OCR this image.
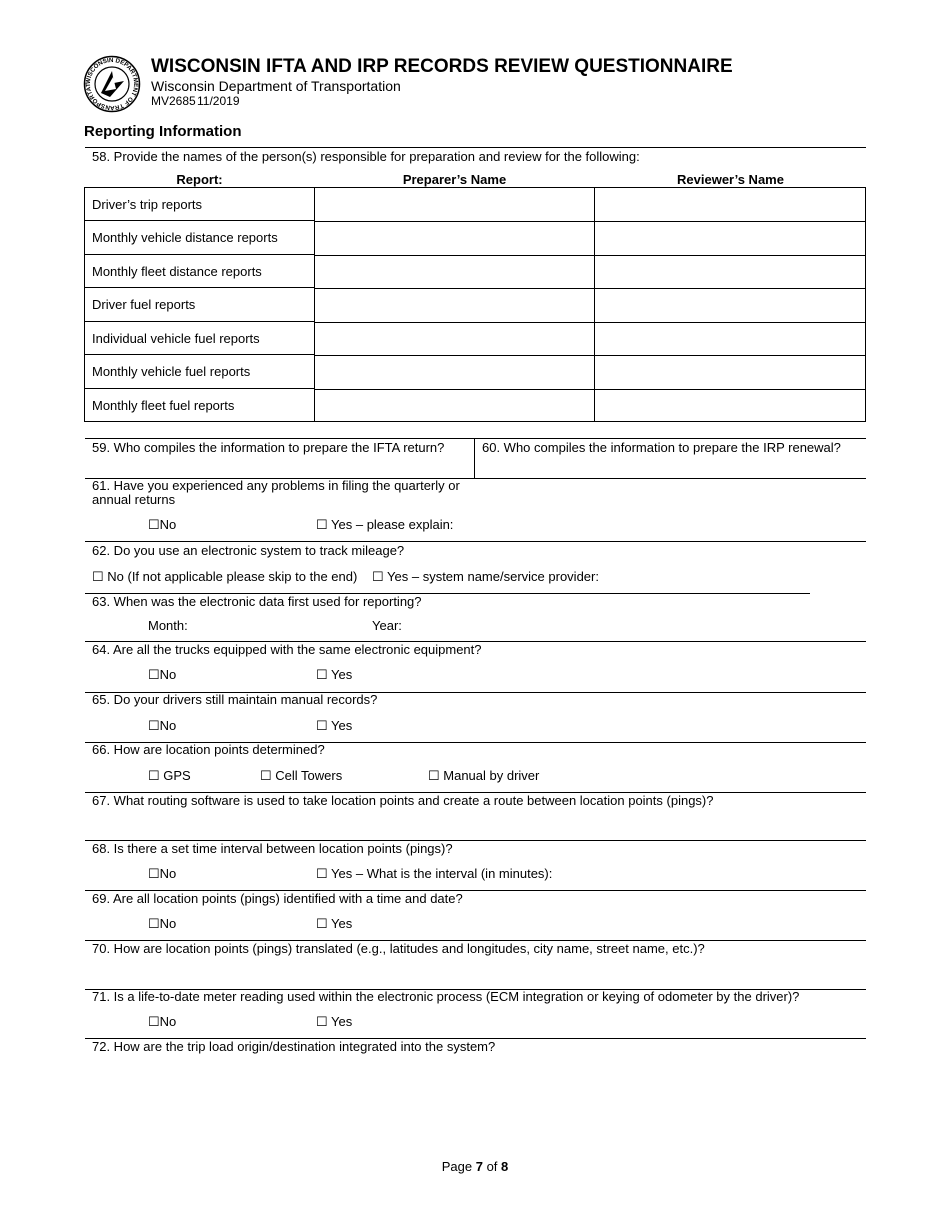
WISCONSIN DEPARTMENT OF TRANSPORTAT
WISCONSIN IFTA AND IRP RECORDS REVIEW QUESTIONNAIRE
Wisconsin Department of Transportation
MV2685 11/2019
Reporting Information
58. Provide the names of the person(s) responsible for preparation and review for the following:
Report:	Preparer’s Name	Reviewer’s Name
Driver’s trip reports
Monthly vehicle distance reports
Monthly fleet distance reports
Driver fuel reports
Individual vehicle fuel reports
Monthly vehicle fuel reports
Monthly fleet fuel reports
59. Who compiles the information to prepare the IFTA return?	60. Who compiles the information to prepare the IRP renewal?
61. Have you experienced any problems in filing the quarterly or
annual returns
☐No	☐ Yes – please explain:
62. Do you use an electronic system to track mileage?
☐ No (If not applicable please skip to the end) ☐ Yes – system name/service provider:
63. When was the electronic data first used for reporting?
Month:	Year:
64. Are all the trucks equipped with the same electronic equipment?
☐No	☐ Yes
65. Do your drivers still maintain manual records?
☐No	☐ Yes
66. How are location points determined?
☐ GPS	☐ Cell Towers	☐ Manual by driver
67. What routing software is used to take location points and create a route between location points (pings)?
68. Is there a set time interval between location points (pings)?
☐No	☐ Yes – What is the interval (in minutes):
69. Are all location points (pings) identified with a time and date?
☐No	☐ Yes
70. How are location points (pings) translated (e.g., latitudes and longitudes, city name, street name, etc.)?
71. Is a life-to-date meter reading used within the electronic process (ECM integration or keying of odometer by the driver)?
☐No	☐ Yes
72. How are the trip load origin/destination integrated into the system?
Page 7 of 8
